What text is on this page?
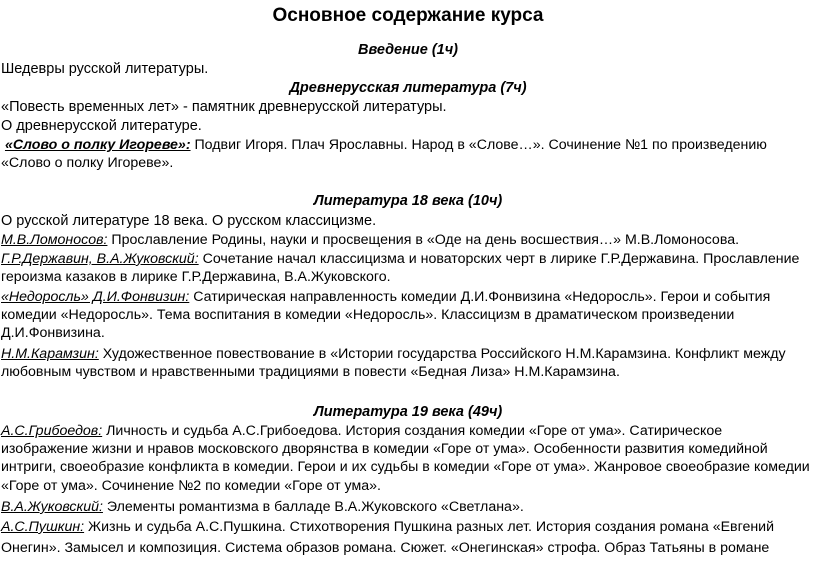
Основное содержание курса
Введение (1ч)
Шедевры русской литературы.
Древнерусская литература (7ч)
«Повесть временных лет» - памятник древнерусской литературы.
О древнерусской литературе.
«Слово о полку Игореве»: Подвиг Игоря. Плач Ярославны. Народ в «Слове…». Сочинение №1 по произведению «Слово о полку Игореве».
Литература 18 века (10ч)
О русской литературе 18 века. О русском классицизме.
М.В.Ломоносов: Прославление Родины, науки и просвещения в «Оде на день восшествия…» М.В.Ломоносова.
Г.Р.Державин, В.А.Жуковский: Сочетание начал классицизма и новаторских черт в лирике Г.Р.Державина. Прославление героизма казаков в лирике Г.Р.Державина, В.А.Жуковского.
«Недоросль» Д.И.Фонвизин: Сатирическая направленность комедии Д.И.Фонвизина «Недоросль». Герои и события комедии «Недоросль». Тема воспитания в комедии «Недоросль». Классицизм в драматическом произведении Д.И.Фонвизина.
Н.М.Карамзин: Художественное повествование в «Истории государства Российского Н.М.Карамзина. Конфликт между любовным чувством и нравственными традициями в повести «Бедная Лиза» Н.М.Карамзина.
Литература 19 века (49ч)
А.С.Грибоедов: Личность и судьба А.С.Грибоедова. История создания комедии «Горе от ума». Сатирическое изображение жизни и нравов московского дворянства в комедии «Горе от ума». Особенности развития комедийной интриги, своеобразие конфликта в комедии. Герои и их судьбы в комедии «Горе от ума». Жанровое своеобразие комедии «Горе от ума». Сочинение №2 по комедии «Горе от ума».
В.А.Жуковский: Элементы романтизма в балладе В.А.Жуковского «Светлана».
А.С.Пушкин: Жизнь и судьба А.С.Пушкина. Стихотворения Пушкина разных лет. История создания романа «Евгений Онегин». Замысел и композиция. Система образов романа. Сюжет. «Онегинская» строфа. Образ Татьяны в романе
